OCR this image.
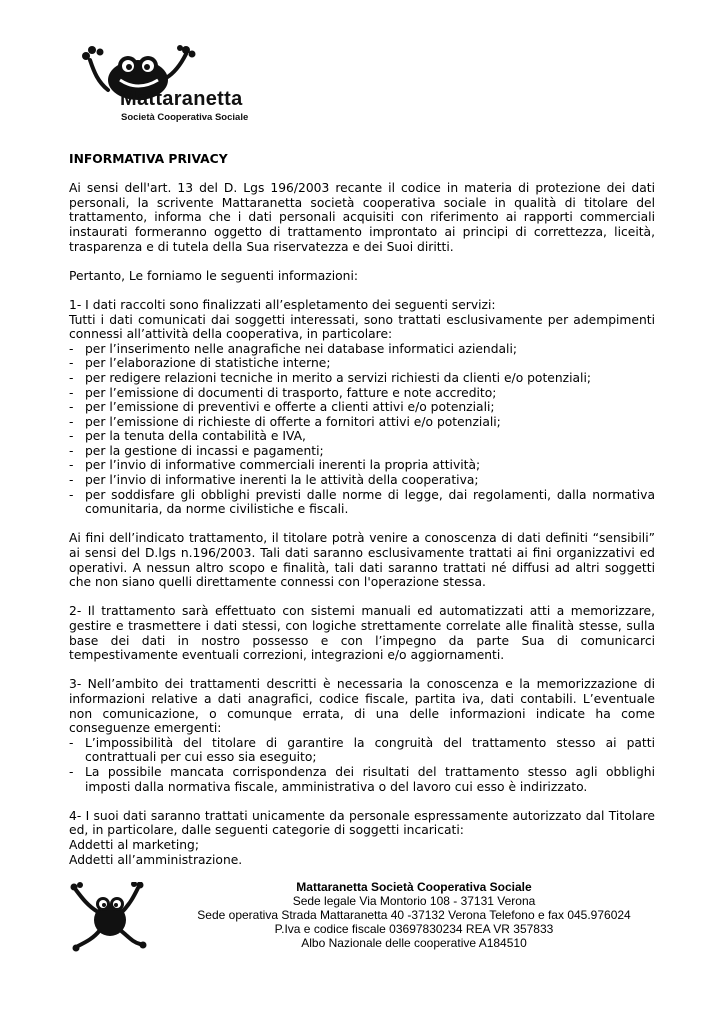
Mattaranetta
Società Cooperativa Sociale
INFORMATIVA PRIVACY

Ai sensi dell'art. 13 del D. Lgs 196/2003 recante il codice in materia di protezione dei dati personali, la scrivente Mattaranetta società cooperativa sociale in qualità di titolare del trattamento, informa che i dati personali acquisiti con riferimento ai rapporti commerciali instaurati formeranno oggetto di trattamento improntato ai principi di correttezza, liceità, trasparenza e di tutela della Sua riservatezza e dei Suoi diritti.

Pertanto, Le forniamo le seguenti informazioni:

1- I dati raccolti sono finalizzati all’espletamento dei seguenti servizi:
Tutti i dati comunicati dai soggetti interessati, sono trattati esclusivamente per adempimenti connessi all’attività della cooperativa, in particolare:
- per l’inserimento nelle anagrafiche nei database informatici aziendali;
- per l’elaborazione di statistiche interne;
- per redigere relazioni tecniche in merito a servizi richiesti da clienti e/o potenziali;
- per l’emissione di documenti di trasporto, fatture e note accredito;
- per l’emissione di preventivi e offerte a clienti attivi e/o potenziali;
- per l’emissione di richieste di offerte a fornitori attivi e/o potenziali;
- per la tenuta della contabilità e IVA,
- per la gestione di incassi e pagamenti;
- per l’invio di informative commerciali inerenti la propria attività;
- per l’invio di informative inerenti la le attività della cooperativa;
- per soddisfare gli obblighi previsti dalle norme di legge, dai regolamenti, dalla normativa comunitaria, da norme civilistiche e fiscali.

Ai fini dell’indicato trattamento, il titolare potrà venire a conoscenza di dati definiti “sensibili” ai sensi del D.lgs n.196/2003. Tali dati saranno esclusivamente trattati ai fini organizzativi ed operativi. A nessun altro scopo e finalità, tali dati saranno trattati né diffusi ad altri soggetti che non siano quelli direttamente connessi con l'operazione stessa.

2- Il trattamento sarà effettuato con sistemi manuali ed automatizzati atti a memorizzare, gestire e trasmettere i dati stessi, con logiche strettamente correlate alle finalità stesse, sulla base dei dati in nostro possesso e con l’impegno da parte Sua di comunicarci tempestivamente eventuali correzioni, integrazioni e/o aggiornamenti.

3- Nell’ambito dei trattamenti descritti è necessaria la conoscenza e la memorizzazione di informazioni relative a dati anagrafici, codice fiscale, partita iva, dati contabili. L’eventuale non comunicazione, o comunque errata, di una delle informazioni indicate ha come conseguenze emergenti:
- L’impossibilità del titolare di garantire la congruità del trattamento stesso ai patti contrattuali per cui esso sia eseguito;
- La possibile mancata corrispondenza dei risultati del trattamento stesso agli obblighi imposti dalla normativa fiscale, amministrativa o del lavoro cui esso è indirizzato.
4- I suoi dati saranno trattati unicamente da personale espressamente autorizzato dal Titolare ed, in particolare, dalle seguenti categorie di soggetti incaricati:
Addetti al marketing;
Addetti all’amministrazione.
Mattaranetta Società Cooperativa Sociale
Sede legale Via Montorio 108 - 37131 Verona
Sede operativa Strada Mattaranetta 40 -37132 Verona Telefono e fax 045.976024
P.Iva e codice fiscale 03697830234 REA VR 357833
Albo Nazionale delle cooperative A184510
